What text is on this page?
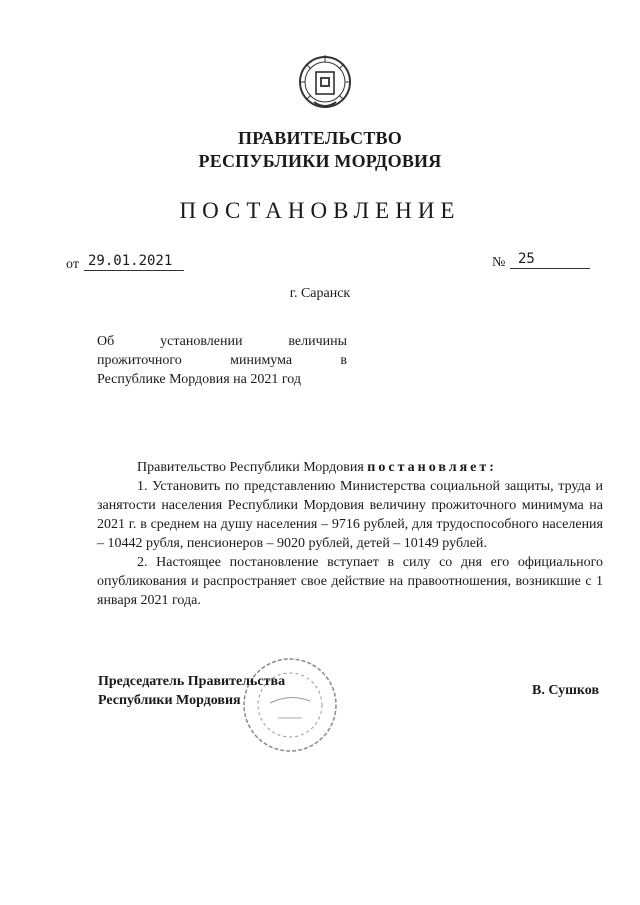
ПРАВИТЕЛЬСТВО
РЕСПУБЛИКИ МОРДОВИЯ
ПОСТАНОВЛЕНИЕ
от 29.01.2021	№ 25
г. Саранск
Об установлении величины
прожиточного минимума в
Республике Мордовия на 2021 год

Правительство Республики Мордовия постановляет:

1. Установить по представлению Министерства социальной защиты, труда и занятости населения Республики Мордовия величину прожиточного минимума на 2021 г. в среднем на душу населения – 9716 рублей, для трудоспособного населения – 10442 рубля, пенсионеров – 9020 рублей, детей – 10149 рублей.

2. Настоящее постановление вступает в силу со дня его официального опубликования и распространяет свое действие на правоотношения, возникшие с 1 января 2021 года.

Председатель Правительства
Республики Мордовия
В. Сушков
